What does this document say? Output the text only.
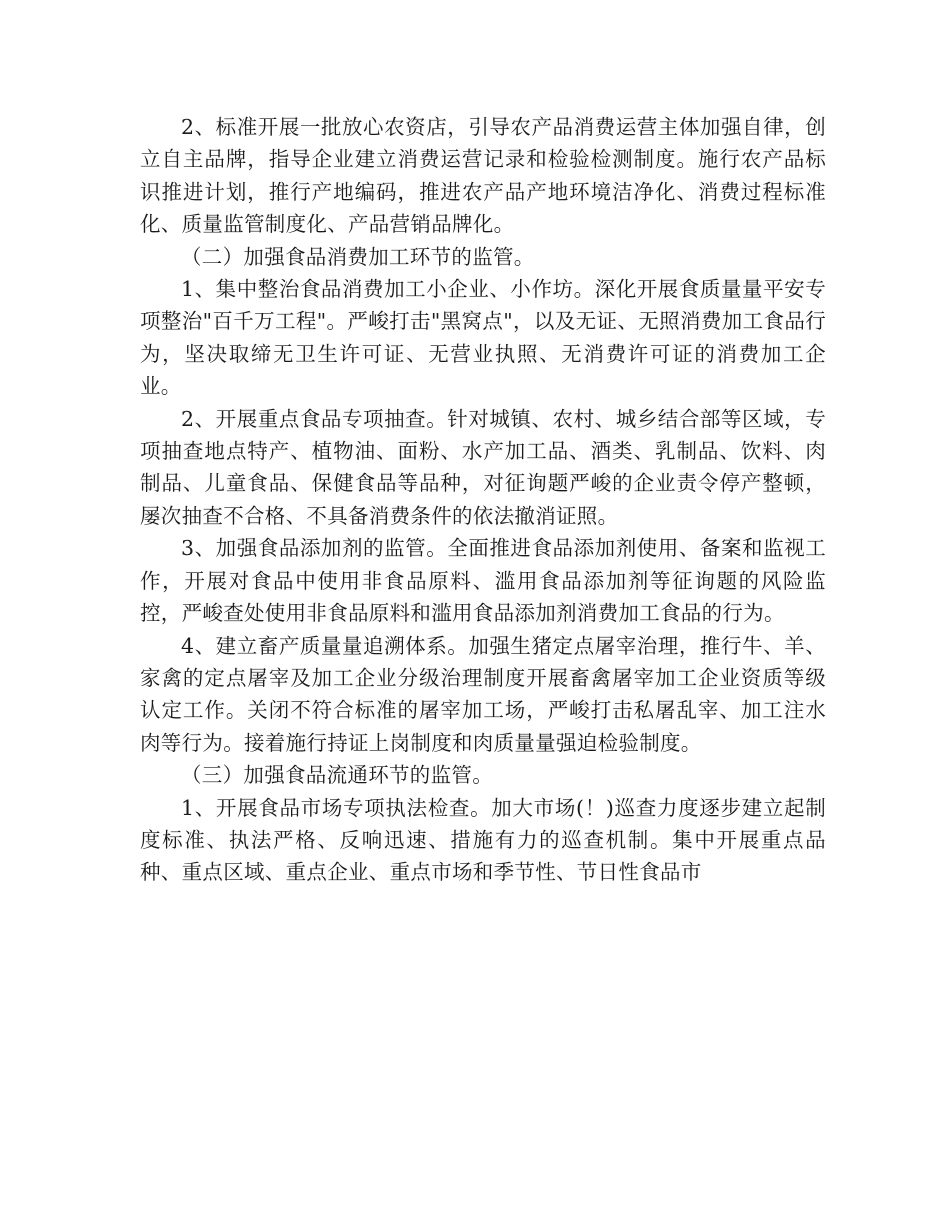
2、标准开展一批放心农资店，引导农产品消费运营主体加强自律，创立自主品牌，指导企业建立消费运营记录和检验检测制度。施行农产品标识推进计划，推行产地编码，推进农产品产地环境洁净化、消费过程标准化、质量监管制度化、产品营销品牌化。

（二）加强食品消费加工环节的监管。

1、集中整治食品消费加工小企业、小作坊。深化开展食质量量平安专项整治"百千万工程"。严峻打击"黑窝点"，以及无证、无照消费加工食品行为，坚决取缔无卫生许可证、无营业执照、无消费许可证的消费加工企业。

2、开展重点食品专项抽查。针对城镇、农村、城乡结合部等区域，专项抽查地点特产、植物油、面粉、水产加工品、酒类、乳制品、饮料、肉制品、儿童食品、保健食品等品种，对征询题严峻的企业责令停产整顿，屡次抽查不合格、不具备消费条件的依法撤消证照。

3、加强食品添加剂的监管。全面推进食品添加剂使用、备案和监视工作，开展对食品中使用非食品原料、滥用食品添加剂等征询题的风险监控，严峻查处使用非食品原料和滥用食品添加剂消费加工食品的行为。

4、建立畜产质量量追溯体系。加强生猪定点屠宰治理，推行牛、羊、家禽的定点屠宰及加工企业分级治理制度开展畜禽屠宰加工企业资质等级认定工作。关闭不符合标准的屠宰加工场，严峻打击私屠乱宰、加工注水肉等行为。接着施行持证上岗制度和肉质量量强迫检验制度。

（三）加强食品流通环节的监管。

1、开展食品市场专项执法检查。加大市场(！)巡查力度逐步建立起制度标准、执法严格、反响迅速、措施有力的巡查机制。集中开展重点品种、重点区域、重点企业、重点市场和季节性、节日性食品市
